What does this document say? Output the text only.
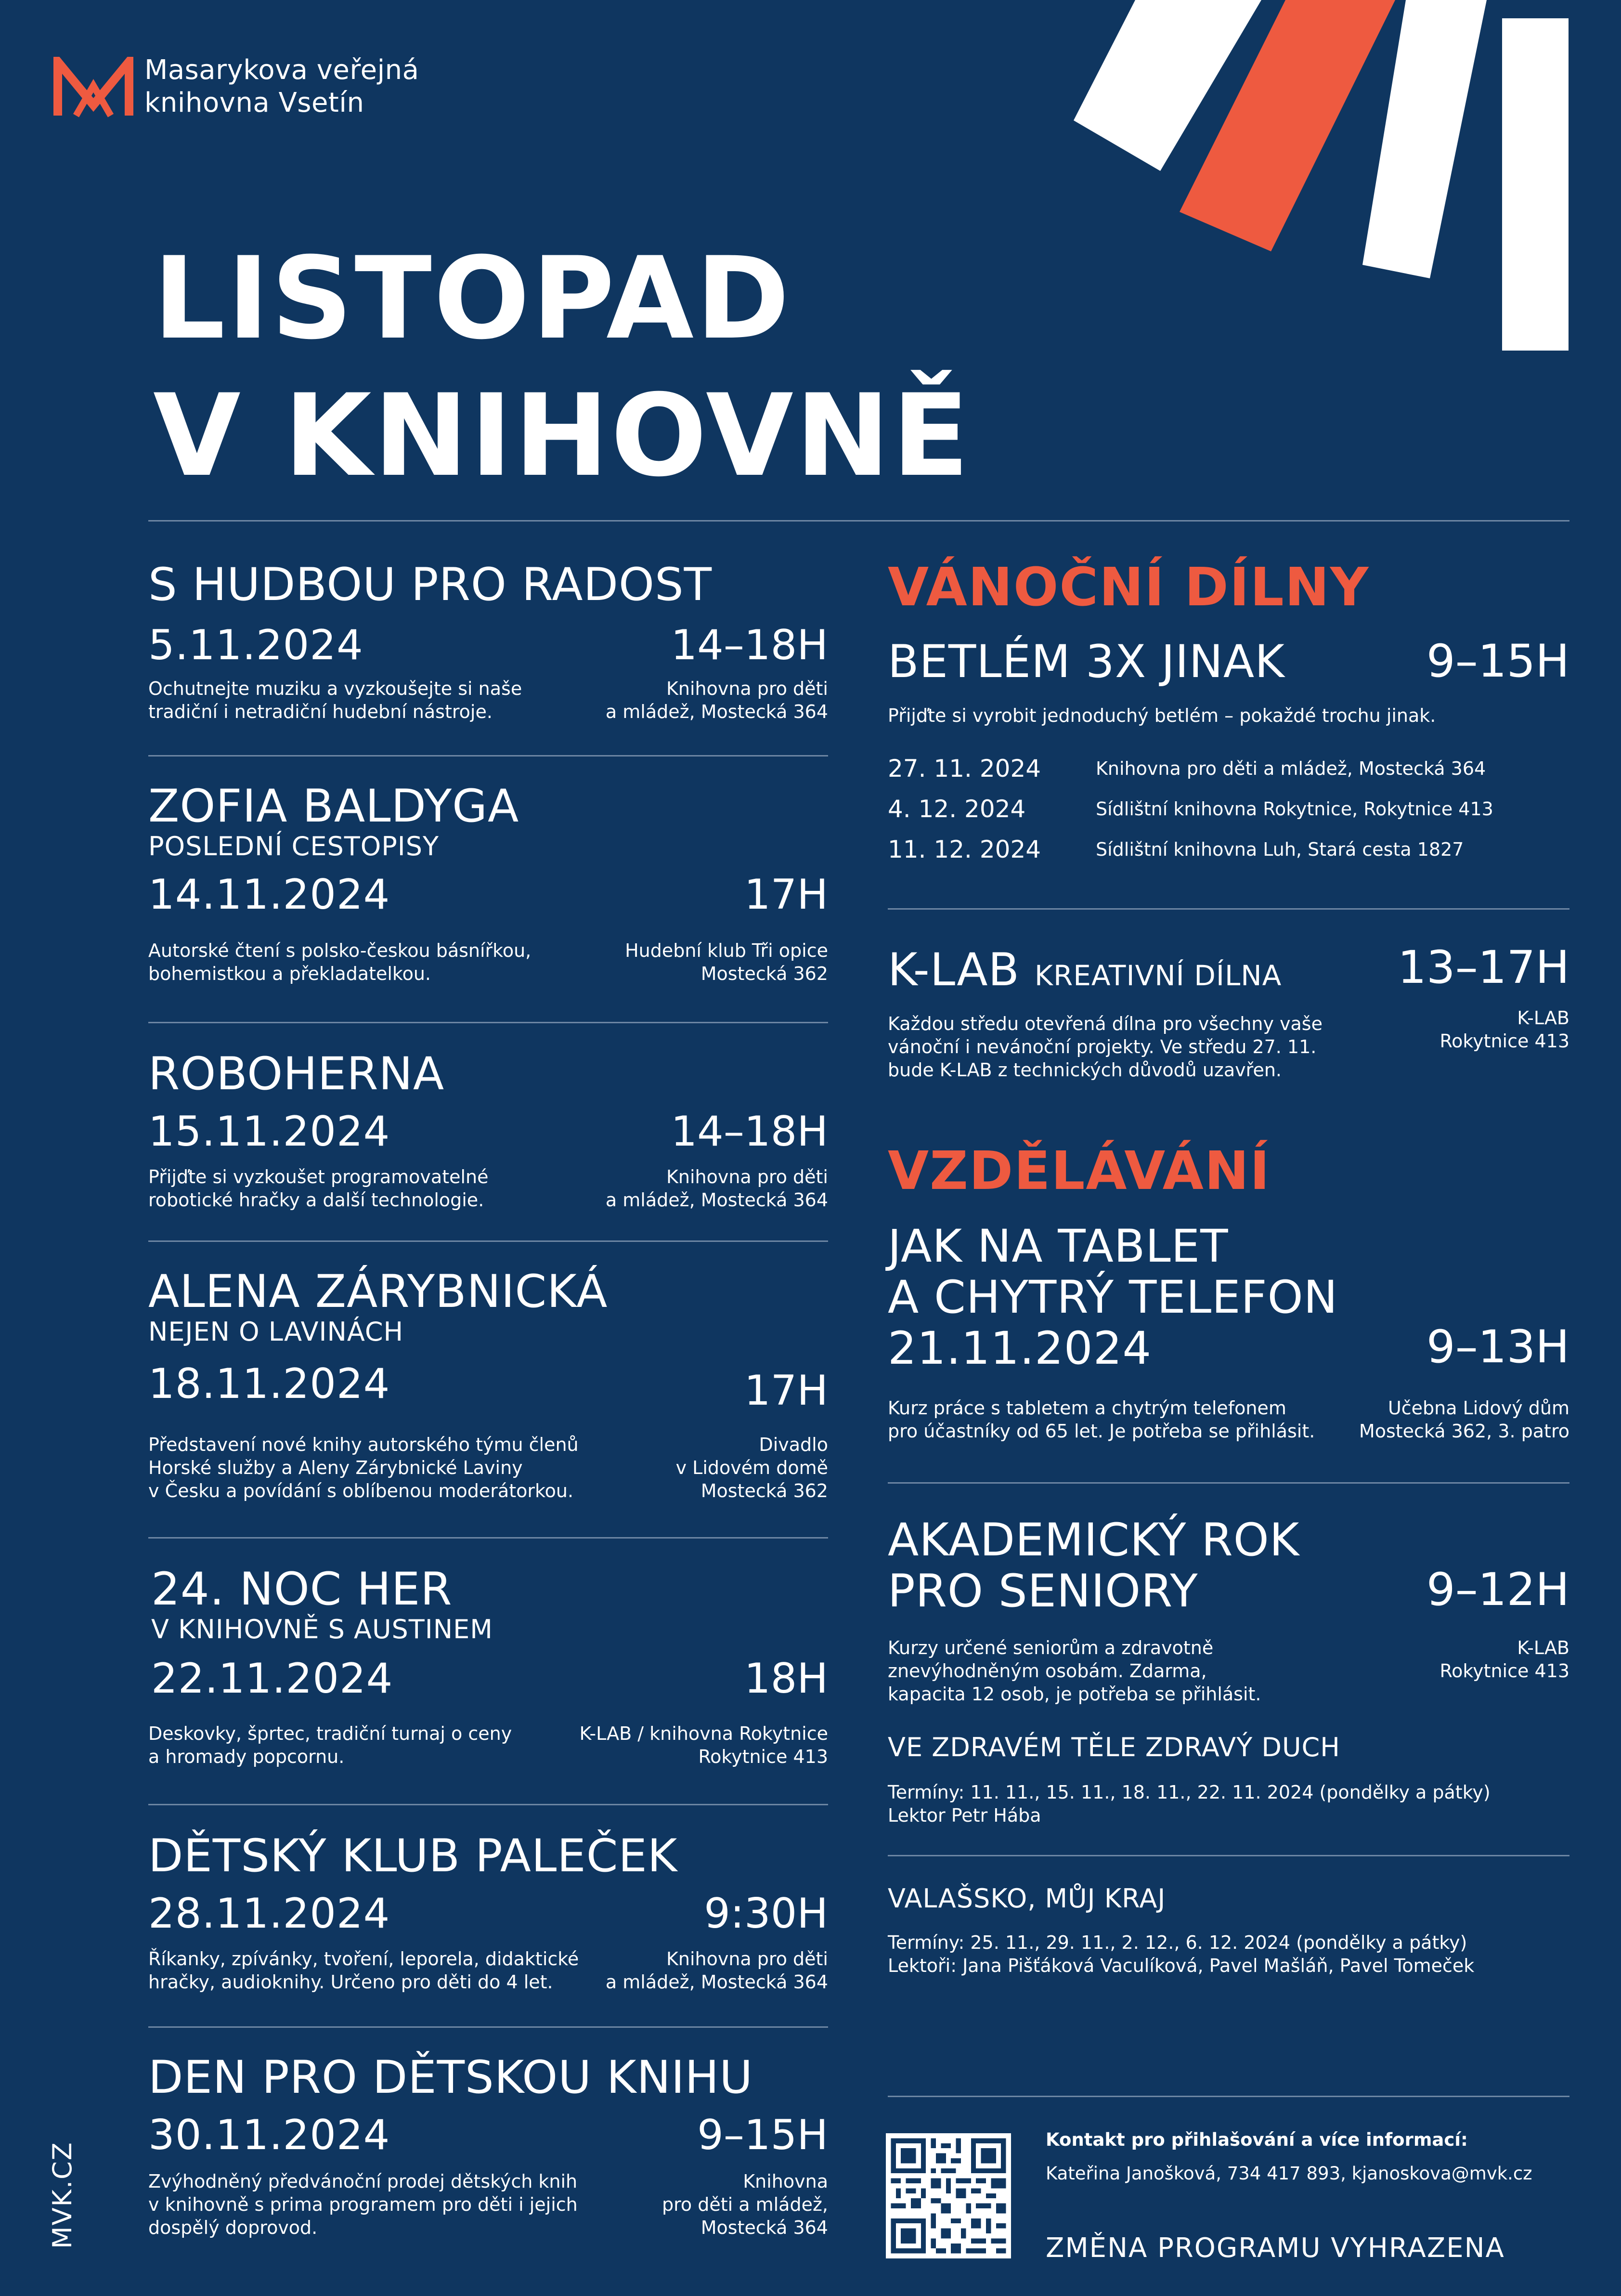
Masarykova veřejná
knihovna Vsetín
LISTOPAD
V KNIHOVNĚ
S HUDBOU PRO RADOST
5.11.2024	14–18H
Ochutnejte muziku a vyzkoušejte si naše
tradiční i netradiční hudební nástroje.
Knihovna pro děti
a mládež, Mostecká 364
ZOFIA BALDYGA
POSLEDNÍ CESTOPISY
14.11.2024	17H
Autorské čtení s polsko-českou básnířkou,
bohemistkou a překladatelkou.
Hudební klub Tři opice
Mostecká 362
ROBOHERNA
15.11.2024	14–18H
Přijďte si vyzkoušet programovatelné
robotické hračky a další technologie.
Knihovna pro děti
a mládež, Mostecká 364
ALENA ZÁRYBNICKÁ
NEJEN O LAVINÁCH
18.11.2024	17H
Představení nové knihy autorského týmu členů
Horské služby a Aleny Zárybnické Laviny
v Česku a povídání s oblíbenou moderátorkou.
Divadlo
v Lidovém domě
Mostecká 362
24. NOC HER
V KNIHOVNĚ S AUSTINEM
22.11.2024	18H
Deskovky, šprtec, tradiční turnaj o ceny
a hromady popcornu.
K-LAB / knihovna Rokytnice
Rokytnice 413
DĚTSKÝ KLUB PALEČEK
28.11.2024	9:30H
Říkanky, zpívánky, tvoření, leporela, didaktické
hračky, audioknihy. Určeno pro děti do 4 let.
Knihovna pro děti
a mládež, Mostecká 364
DEN PRO DĚTSKOU KNIHU
30.11.2024	9–15H
Zvýhodněný předvánoční prodej dětských knih
v knihovně s prima programem pro děti i jejich
dospělý doprovod.
Knihovna
pro děti a mládež,
Mostecká 364
MVK.CZ
VÁNOČNÍ DÍLNY
BETLÉM 3X JINAK	9–15H
Přijďte si vyrobit jednoduchý betlém – pokaždé trochu jinak.
27. 11. 2024	Knihovna pro děti a mládež, Mostecká 364
4. 12. 2024	Sídlištní knihovna Rokytnice, Rokytnice 413
11. 12. 2024	Sídlištní knihovna Luh, Stará cesta 1827
K-LAB KREATIVNÍ DÍLNA	13–17H
Každou středu otevřená dílna pro všechny vaše
vánoční i nevánoční projekty. Ve středu 27. 11.
bude K-LAB z technických důvodů uzavřen.
K-LAB
Rokytnice 413
VZDĚLÁVÁNÍ
JAK NA TABLET
A CHYTRÝ TELEFON
21.11.2024	9–13H
Kurz práce s tabletem a chytrým telefonem
pro účastníky od 65 let. Je potřeba se přihlásit.
Učebna Lidový dům
Mostecká 362, 3. patro
AKADEMICKÝ ROK
PRO SENIORY	9–12H
Kurzy určené seniorům a zdravotně
znevýhodněným osobám. Zdarma,
kapacita 12 osob, je potřeba se přihlásit.
K-LAB
Rokytnice 413
VE ZDRAVÉM TĚLE ZDRAVÝ DUCH
Termíny: 11. 11., 15. 11., 18. 11., 22. 11. 2024 (pondělky a pátky)
Lektor Petr Hába
VALAŠSKO, MŮJ KRAJ
Termíny: 25. 11., 29. 11., 2. 12., 6. 12. 2024 (pondělky a pátky)
Lektoři: Jana Pišťáková Vaculíková, Pavel Mašláň, Pavel Tomeček
Kontakt pro přihlašování a více informací:
Kateřina Janošková, 734 417 893, kjanoskova@mvk.cz
ZMĚNA PROGRAMU VYHRAZENA
